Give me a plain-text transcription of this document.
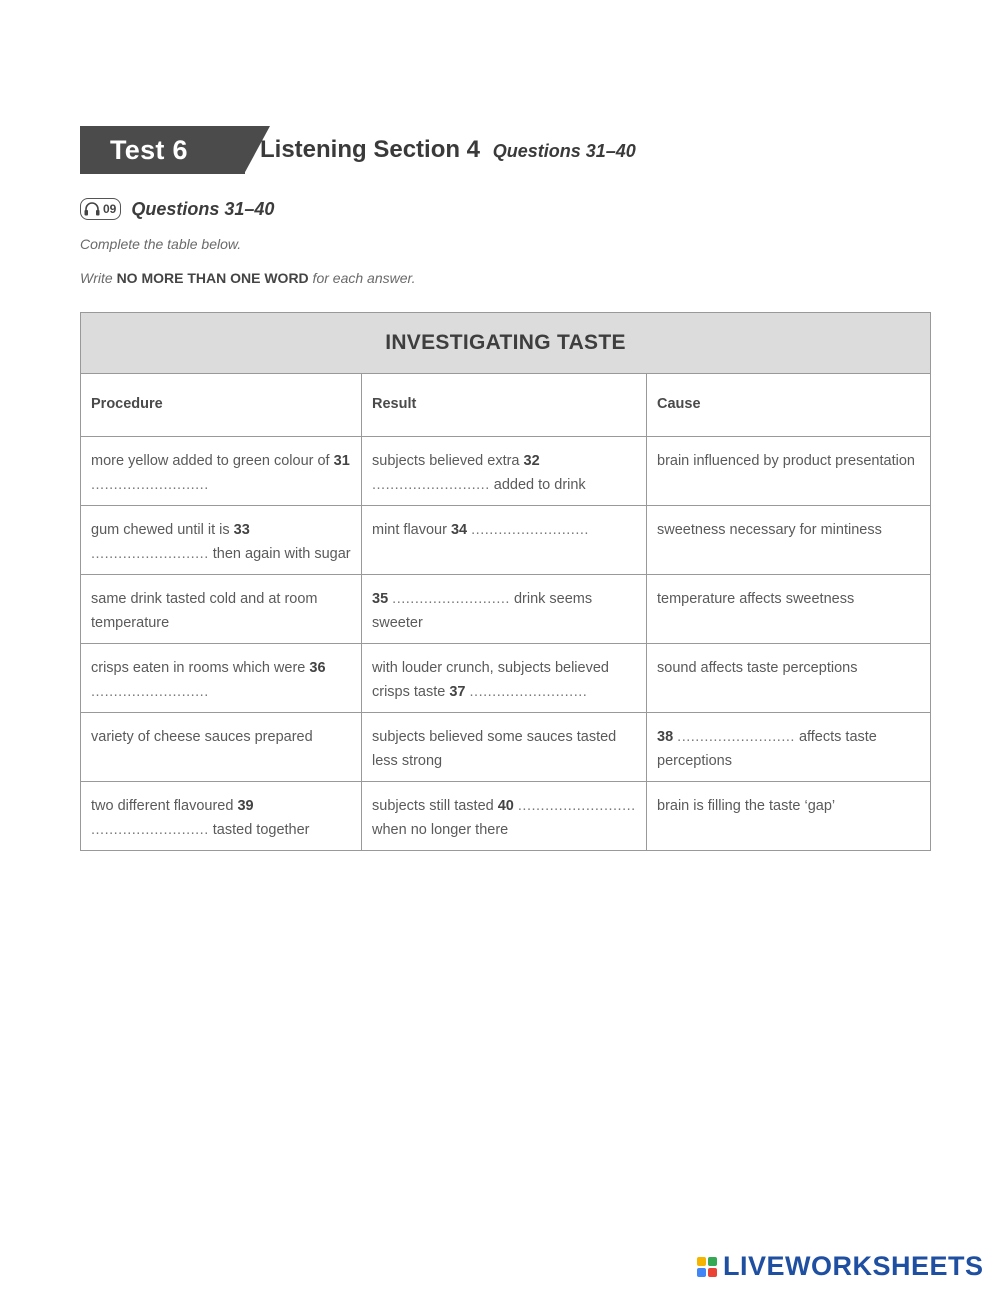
Test 6	Listening Section 4 Questions 31–40
09 Questions 31–40
Complete the table below.
Write NO MORE THAN ONE WORD for each answer.
INVESTIGATING TASTE		
Procedure	Result	Cause
more yellow added to green colour of 31 ..........................	subjects believed extra 32 .......................... added to drink	brain influenced by product presentation
gum chewed until it is 33 .......................... then again with sugar	mint flavour 34 ..........................	sweetness necessary for mintiness
same drink tasted cold and at room temperature	35 .......................... drink seems sweeter	temperature affects sweetness
crisps eaten in rooms which were 36 ..........................	with louder crunch, subjects believed crisps taste 37 ..........................	sound affects taste perceptions
variety of cheese sauces prepared	subjects believed some sauces tasted less strong	38 .......................... affects taste perceptions
two different flavoured 39 .......................... tasted together	subjects still tasted 40 .......................... when no longer there	brain is filling the taste ‘gap’
LIVEWORKSHEETS
